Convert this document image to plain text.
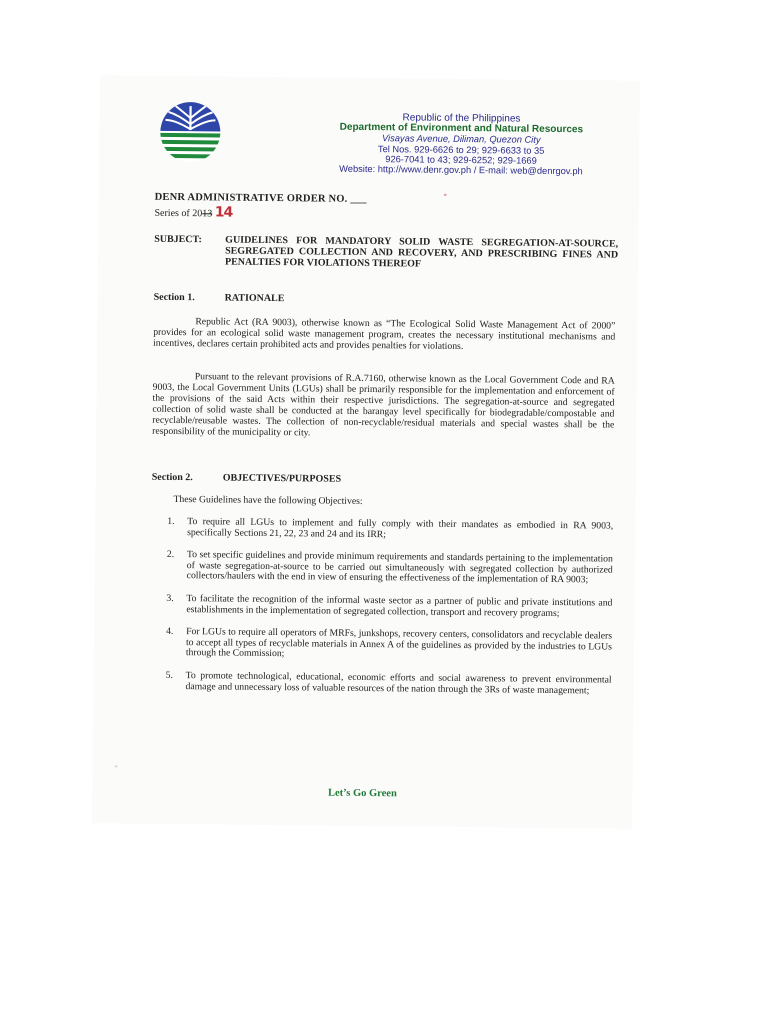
Republic of the Philippines
Department of Environment and Natural Resources
Visayas Avenue, Diliman, Quezon City
Tel Nos. 929-6626 to 29; 929-6633 to 35
926-7041 to 43; 929-6252; 929-1669
Website: http://www.denr.gov.ph / E-mail: web@denrgov.ph
DENR ADMINISTRATIVE ORDER NO. ___
Series of 2013 14
SUBJECT: GUIDELINES FOR MANDATORY SOLID WASTE SEGREGATION-AT-SOURCE, SEGREGATED COLLECTION AND RECOVERY, AND PRESCRIBING FINES AND PENALTIES FOR VIOLATIONS THEREOF
Section 1.	RATIONALE
Republic Act (RA 9003), otherwise known as “The Ecological Solid Waste Management Act of 2000” provides for an ecological solid waste management program, creates the necessary institutional mechanisms and incentives, declares certain prohibited acts and provides penalties for violations.
Pursuant to the relevant provisions of R.A.7160, otherwise known as the Local Government Code and RA 9003, the Local Government Units (LGUs) shall be primarily responsible for the implementation and enforcement of the provisions of the said Acts within their respective jurisdictions. The segregation-at-source and segregated collection of solid waste shall be conducted at the barangay level specifically for biodegradable/compostable and recyclable/reusable wastes. The collection of non-recyclable/residual materials and special wastes shall be the responsibility of the municipality or city.
Section 2.	OBJECTIVES/PURPOSES
These Guidelines have the following Objectives:
1. To require all LGUs to implement and fully comply with their mandates as embodied in RA 9003, specifically Sections 21, 22, 23 and 24 and its IRR;
2. To set specific guidelines and provide minimum requirements and standards pertaining to the implementation of waste segregation-at-source to be carried out simultaneously with segregated collection by authorized collectors/haulers with the end in view of ensuring the effectiveness of the implementation of RA 9003;
3. To facilitate the recognition of the informal waste sector as a partner of public and private institutions and establishments in the implementation of segregated collection, transport and recovery programs;
4. For LGUs to require all operators of MRFs, junkshops, recovery centers, consolidators and recyclable dealers to accept all types of recyclable materials in Annex A of the guidelines as provided by the industries to LGUs through the Commission;
5. To promote technological, educational, economic efforts and social awareness to prevent environmental damage and unnecessary loss of valuable resources of the nation through the 3Rs of waste management;
Let’s Go Green
